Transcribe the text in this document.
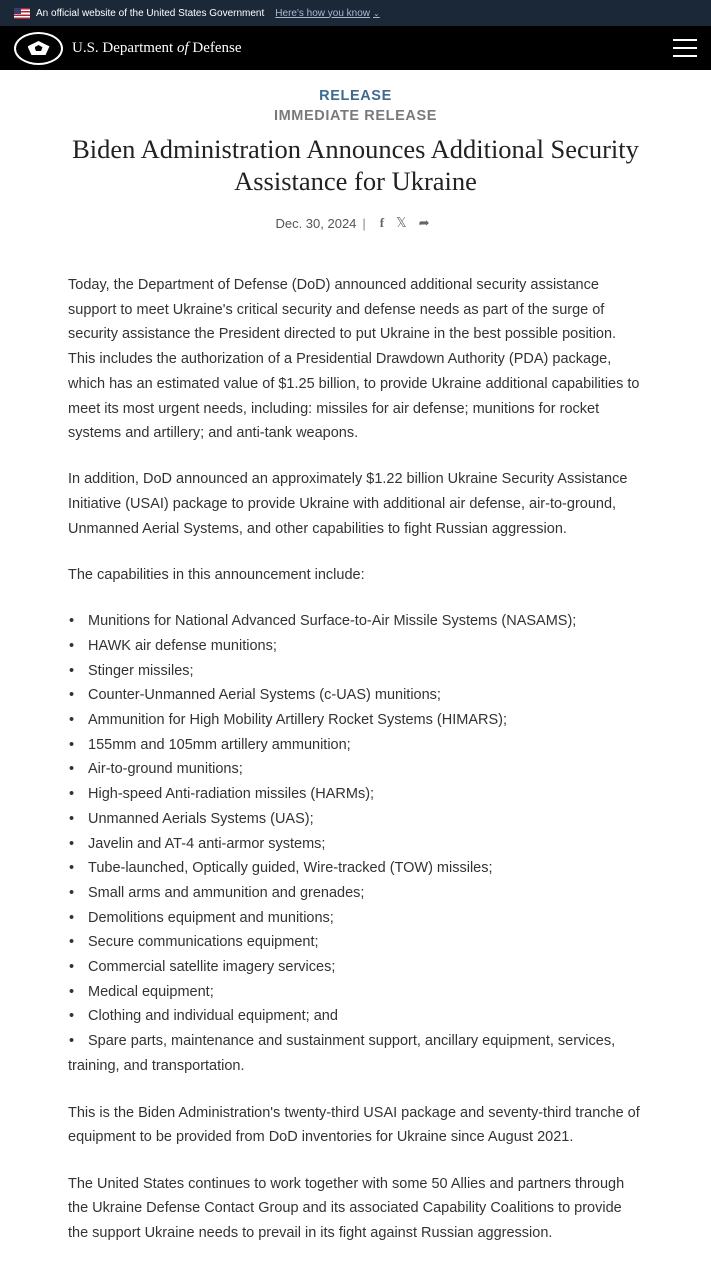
An official website of the United States Government Here's how you know ⌄
U.S. Department of Defense
RELEASE
IMMEDIATE RELEASE
Biden Administration Announces Additional Security Assistance for Ukraine
Dec. 30, 2024 | f 𝕏 ➦

Today, the Department of Defense (DoD) announced additional security assistance support to meet Ukraine's critical security and defense needs as part of the surge of security assistance the President directed to put Ukraine in the best possible position. This includes the authorization of a Presidential Drawdown Authority (PDA) package, which has an estimated value of $1.25 billion, to provide Ukraine additional capabilities to meet its most urgent needs, including: missiles for air defense; munitions for rocket systems and artillery; and anti-tank weapons.

In addition, DoD announced an approximately $1.22 billion Ukraine Security Assistance Initiative (USAI) package to provide Ukraine with additional air defense, air-to-ground, Unmanned Aerial Systems, and other capabilities to fight Russian aggression.

The capabilities in this announcement include:

• Munitions for National Advanced Surface-to-Air Missile Systems (NASAMS);
• HAWK air defense munitions;
• Stinger missiles;
• Counter-Unmanned Aerial Systems (c-UAS) munitions;
• Ammunition for High Mobility Artillery Rocket Systems (HIMARS);
• 155mm and 105mm artillery ammunition;
• Air-to-ground munitions;
• High-speed Anti-radiation missiles (HARMs);
• Unmanned Aerials Systems (UAS);
• Javelin and AT-4 anti-armor systems;
• Tube-launched, Optically guided, Wire-tracked (TOW) missiles;
• Small arms and ammunition and grenades;
• Demolitions equipment and munitions;
• Secure communications equipment;
• Commercial satellite imagery services;
• Medical equipment;
• Clothing and individual equipment; and
• Spare parts, maintenance and sustainment support, ancillary equipment, services, training, and transportation.

This is the Biden Administration's twenty-third USAI package and seventy-third tranche of equipment to be provided from DoD inventories for Ukraine since August 2021.

The United States continues to work together with some 50 Allies and partners through the Ukraine Defense Contact Group and its associated Capability Coalitions to provide the support Ukraine needs to prevail in its fight against Russian aggression.
